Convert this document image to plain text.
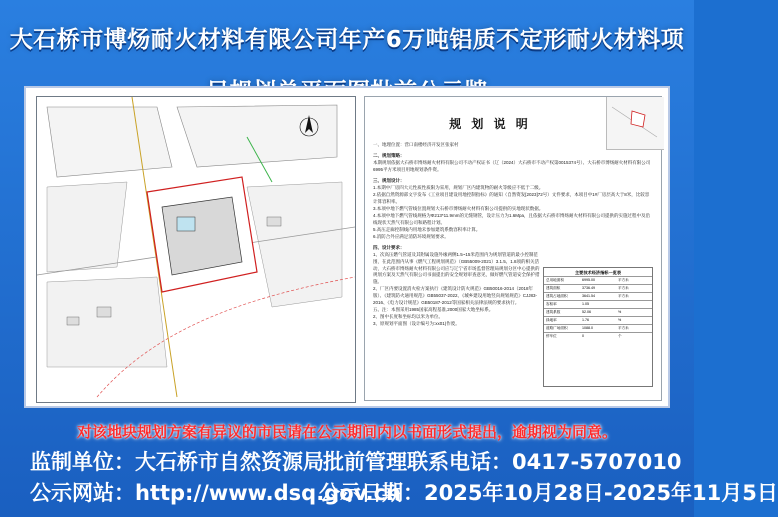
大石桥市博炀耐火材料有限公司年产6万吨铝质不定形耐火材料项
规 划 说 明
一、地理位置：营口南楼经济开发区张家村
二、规划策略：
本期规划依据大石桥市博炀耐火材料有限公司不动产权证书（辽（2024）大石桥市不动产权第0015374号）、大石桥市博炀耐火材料有限公司6995平方米项目用地规划条件资。
三、规划设计：
1.本期中厂房四大元性质性质限为采用，规划厂区内建筑物的耐火等级应不低于二级。
2.依据自然资源部文字发布《工业项目建设用地控制指标》的通知（自然资发[2023]72号）文件要求，本项目中1#厂房层高大于8米，比较容计算容积率。
3.本项中地下燃气管线位置规划大石桥市博炀耐火材料有限公司提供的实地现状数据。
4.本项中地下燃气管线规格为Φ213*11.9mm的无缝钢管，设计压力为1.6Mpa，且依据大石桥市博炀耐火材料有限公司提供的实施过程中及沿线现状天然气有限公司和路程计划。
5.高压走廊控制线内用地未参加建筑系数容积率计算。
6.消防合外应满足消防环境规划要求。
四、设计要求：
1、次高压燃气管道及其附属设施外缘两侧1.5~15米范围内为规划管道的最小控制范围，在此范围内从事《燃气工程规划规范》（GB55009-2021）3.1.5、1.8项的相关活动，大石桥市博炀耐火材料有限公司应与辽宁省市场监督管理局规划分区中心提供的规划方案及天然气有限公司书面提出的安全规划审查意见，做好燃气管道安全保护措施。
2、厂区内要设置消火栓方案执行《建筑设计防火规范》GB50016-2014（2018年版）、《建筑防火通用规范》GB55037-2022、《城乡建设用地竖向规划规范》CJJ83-2016、《电力设计规范》GB50187-2012等国家相关法律法规的要求执行。
五、注：本图采用1985国家高程基准,2000国家大地坐标系。
2、图中长度和坐标均以米为单位。
3、原规划平面图（设计编号为:xx01)作废。
主要技术经济指标一览表
总用地面积	6995.00	平方米
建筑面积	3736.49	平方米
建筑占地面积	3641.54	平方米
容积率	1.05
建筑系数	52.06	%
绿地率	1.76	%
道路广场面积	1088.0	平方米
停车位	0	个
对该地块规划方案有异议的市民请在公示期间内以书面形式提出，逾期视为同意。
监制单位：大石桥市自然资源局 批前管理联系电话：0417-5707010
公示网站：http://www.dsq.gov.cn
公示日期：2025年10月28日-2025年11月5日
